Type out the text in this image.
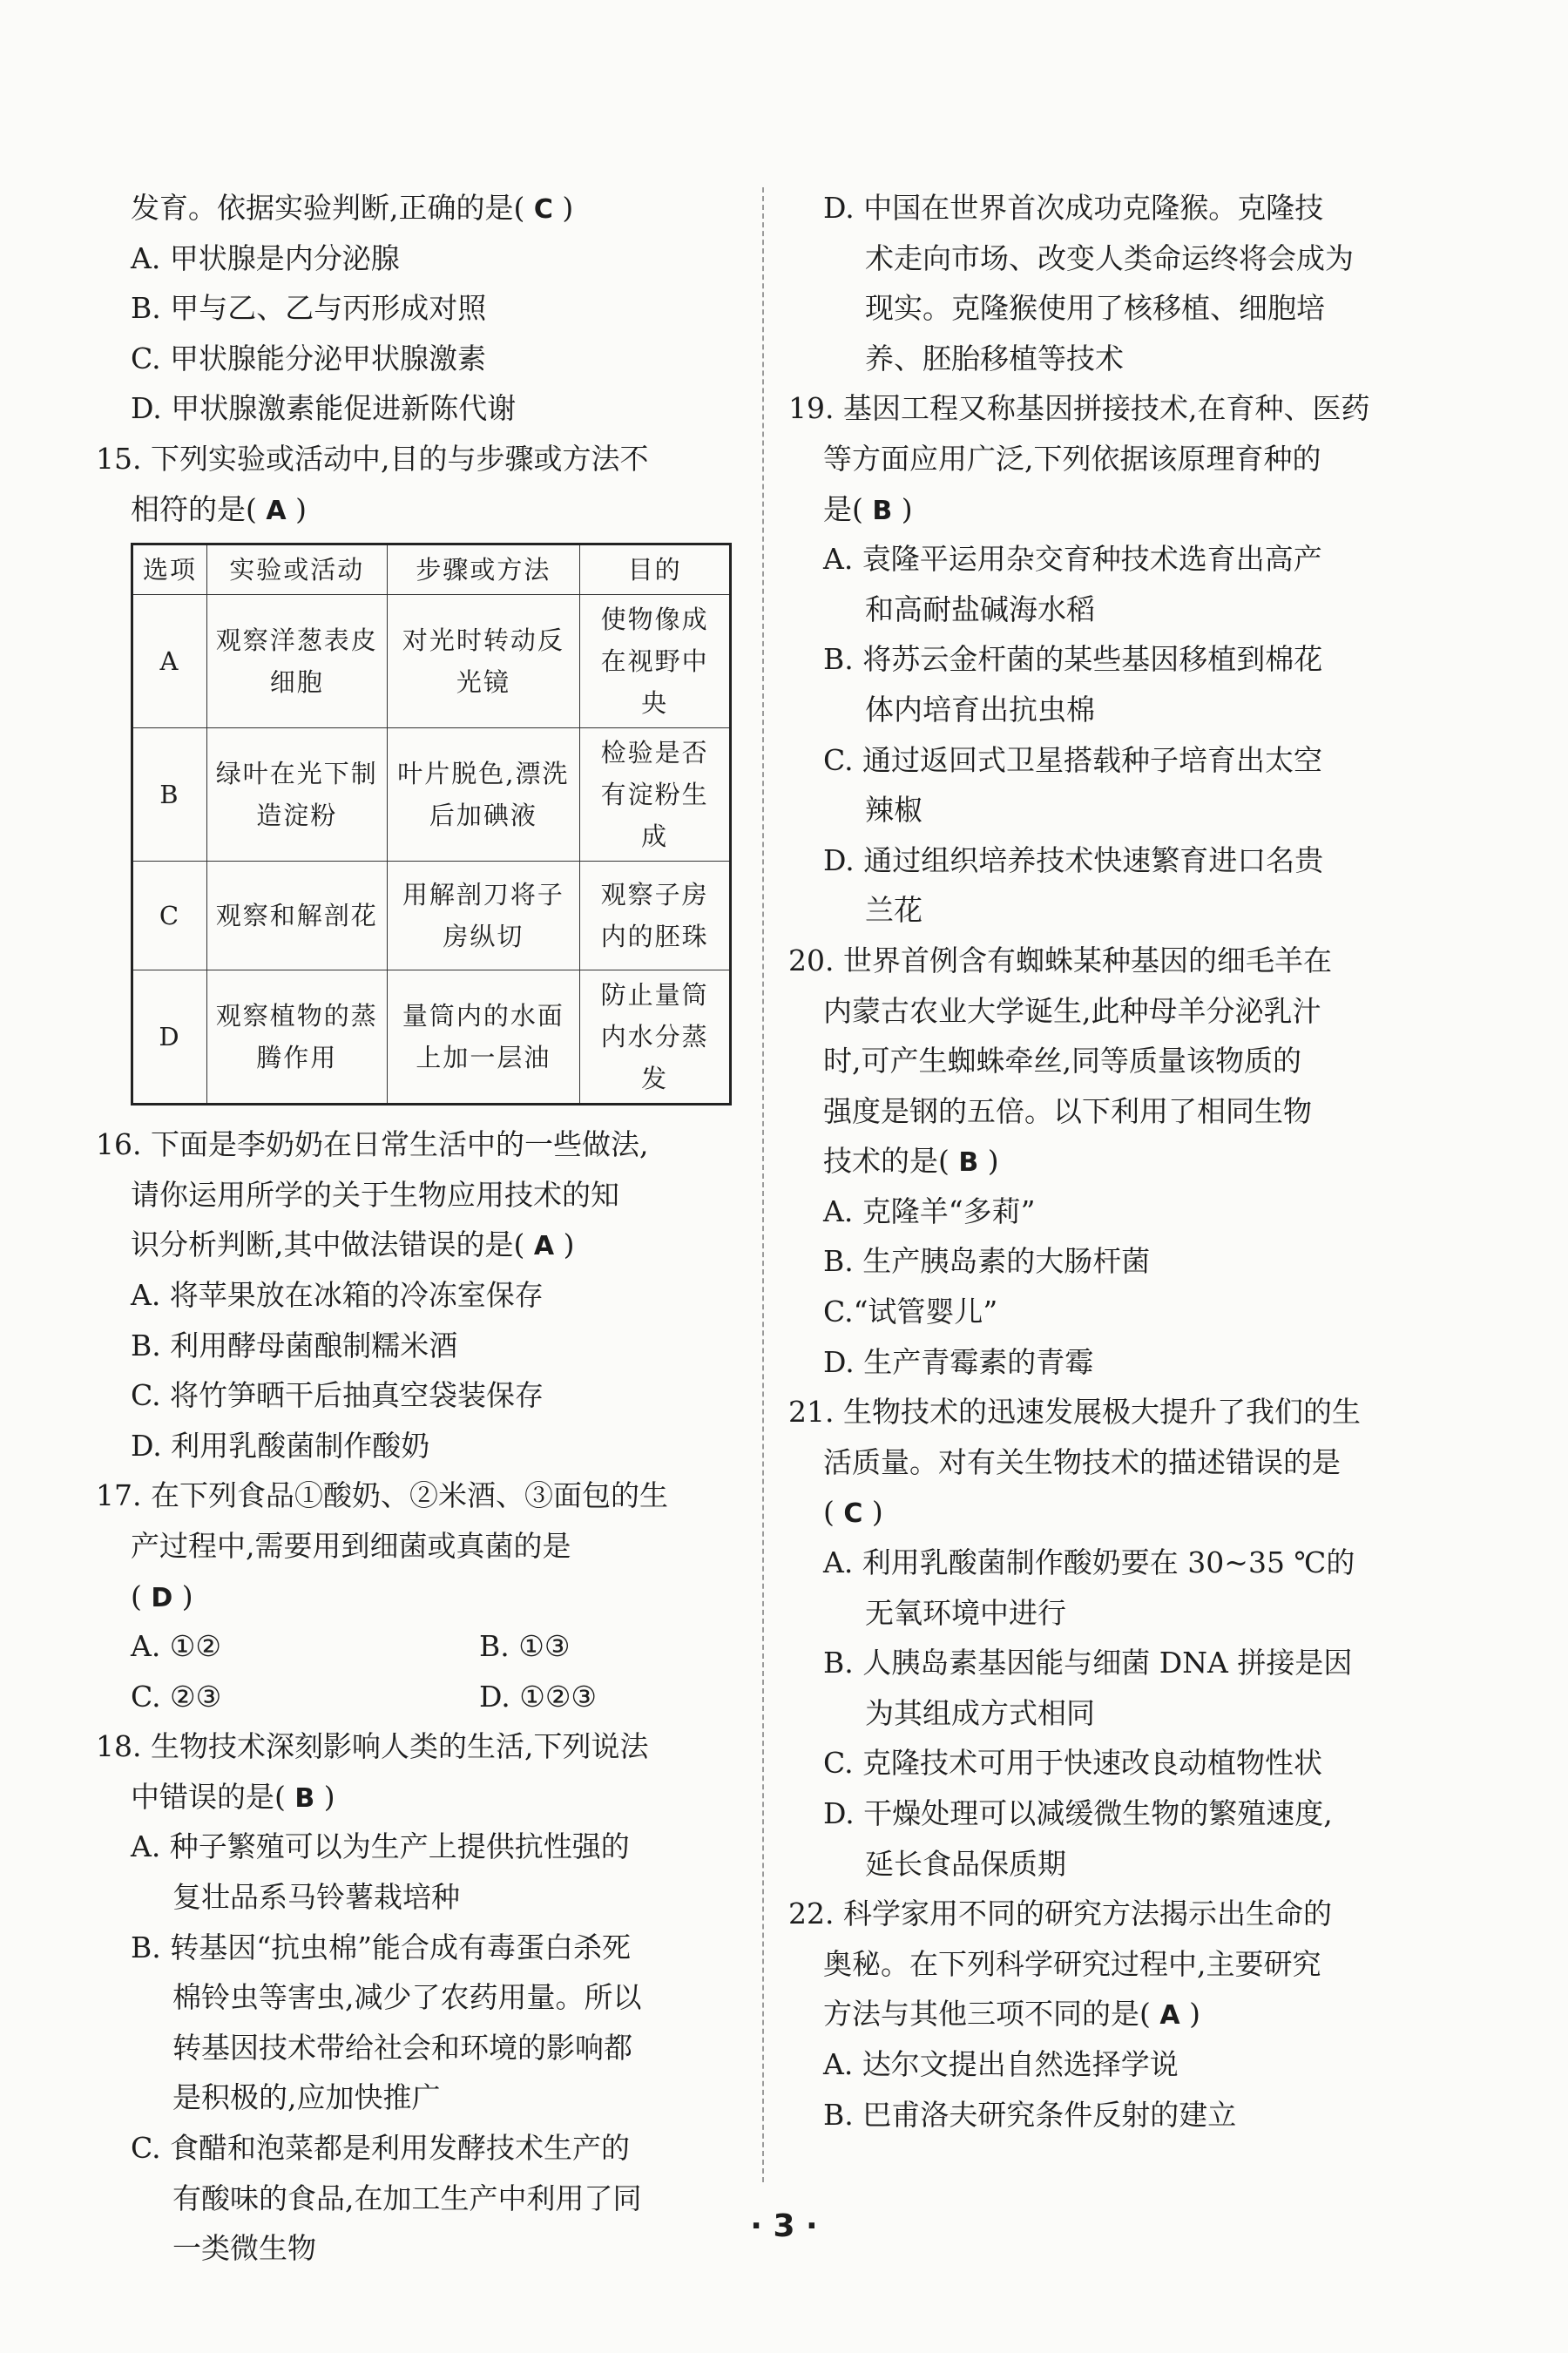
发育。依据实验判断,正确的是( C )
A. 甲状腺是内分泌腺
B. 甲与乙、乙与丙形成对照
C. 甲状腺能分泌甲状腺激素
D. 甲状腺激素能促进新陈代谢
15. 下列实验或活动中,目的与步骤或方法不
相符的是( A )
选项	实验或活动	步骤或方法	目的
A	观察洋葱表皮细胞	对光时转动反光镜	使物像成在视野中央
B	绿叶在光下制造淀粉	叶片脱色,漂洗后加碘液	检验是否有淀粉生成
C	观察和解剖花	用解剖刀将子房纵切	观察子房内的胚珠
D	观察植物的蒸腾作用	量筒内的水面上加一层油	防止量筒内水分蒸发
16. 下面是李奶奶在日常生活中的一些做法,
请你运用所学的关于生物应用技术的知
识分析判断,其中做法错误的是( A )
A. 将苹果放在冰箱的冷冻室保存
B. 利用酵母菌酿制糯米酒
C. 将竹笋晒干后抽真空袋装保存
D. 利用乳酸菌制作酸奶
17. 在下列食品①酸奶、②米酒、③面包的生
产过程中,需要用到细菌或真菌的是
( D )
A. ①②	B. ①③
C. ②③	D. ①②③
18. 生物技术深刻影响人类的生活,下列说法
中错误的是( B )
A. 种子繁殖可以为生产上提供抗性强的
复壮品系马铃薯栽培种
B. 转基因“抗虫棉”能合成有毒蛋白杀死
棉铃虫等害虫,减少了农药用量。所以
转基因技术带给社会和环境的影响都
是积极的,应加快推广
C. 食醋和泡菜都是利用发酵技术生产的
有酸味的食品,在加工生产中利用了同
一类微生物
D. 中国在世界首次成功克隆猴。克隆技
术走向市场、改变人类命运终将会成为
现实。克隆猴使用了核移植、细胞培
养、胚胎移植等技术
19. 基因工程又称基因拼接技术,在育种、医药
等方面应用广泛,下列依据该原理育种的
是( B )
A. 袁隆平运用杂交育种技术选育出高产
和高耐盐碱海水稻
B. 将苏云金杆菌的某些基因移植到棉花
体内培育出抗虫棉
C. 通过返回式卫星搭载种子培育出太空
辣椒
D. 通过组织培养技术快速繁育进口名贵
兰花
20. 世界首例含有蜘蛛某种基因的细毛羊在
内蒙古农业大学诞生,此种母羊分泌乳汁
时,可产生蜘蛛牵丝,同等质量该物质的
强度是钢的五倍。以下利用了相同生物
技术的是( B )
A. 克隆羊“多莉”
B. 生产胰岛素的大肠杆菌
C.“试管婴儿”
D. 生产青霉素的青霉
21. 生物技术的迅速发展极大提升了我们的生
活质量。对有关生物技术的描述错误的是
( C )
A. 利用乳酸菌制作酸奶要在 30~35 ℃的
无氧环境中进行
B. 人胰岛素基因能与细菌 DNA 拼接是因
为其组成方式相同
C. 克隆技术可用于快速改良动植物性状
D. 干燥处理可以减缓微生物的繁殖速度,
延长食品保质期
22. 科学家用不同的研究方法揭示出生命的
奥秘。在下列科学研究过程中,主要研究
方法与其他三项不同的是( A )
A. 达尔文提出自然选择学说
B. 巴甫洛夫研究条件反射的建立
· 3 ·
